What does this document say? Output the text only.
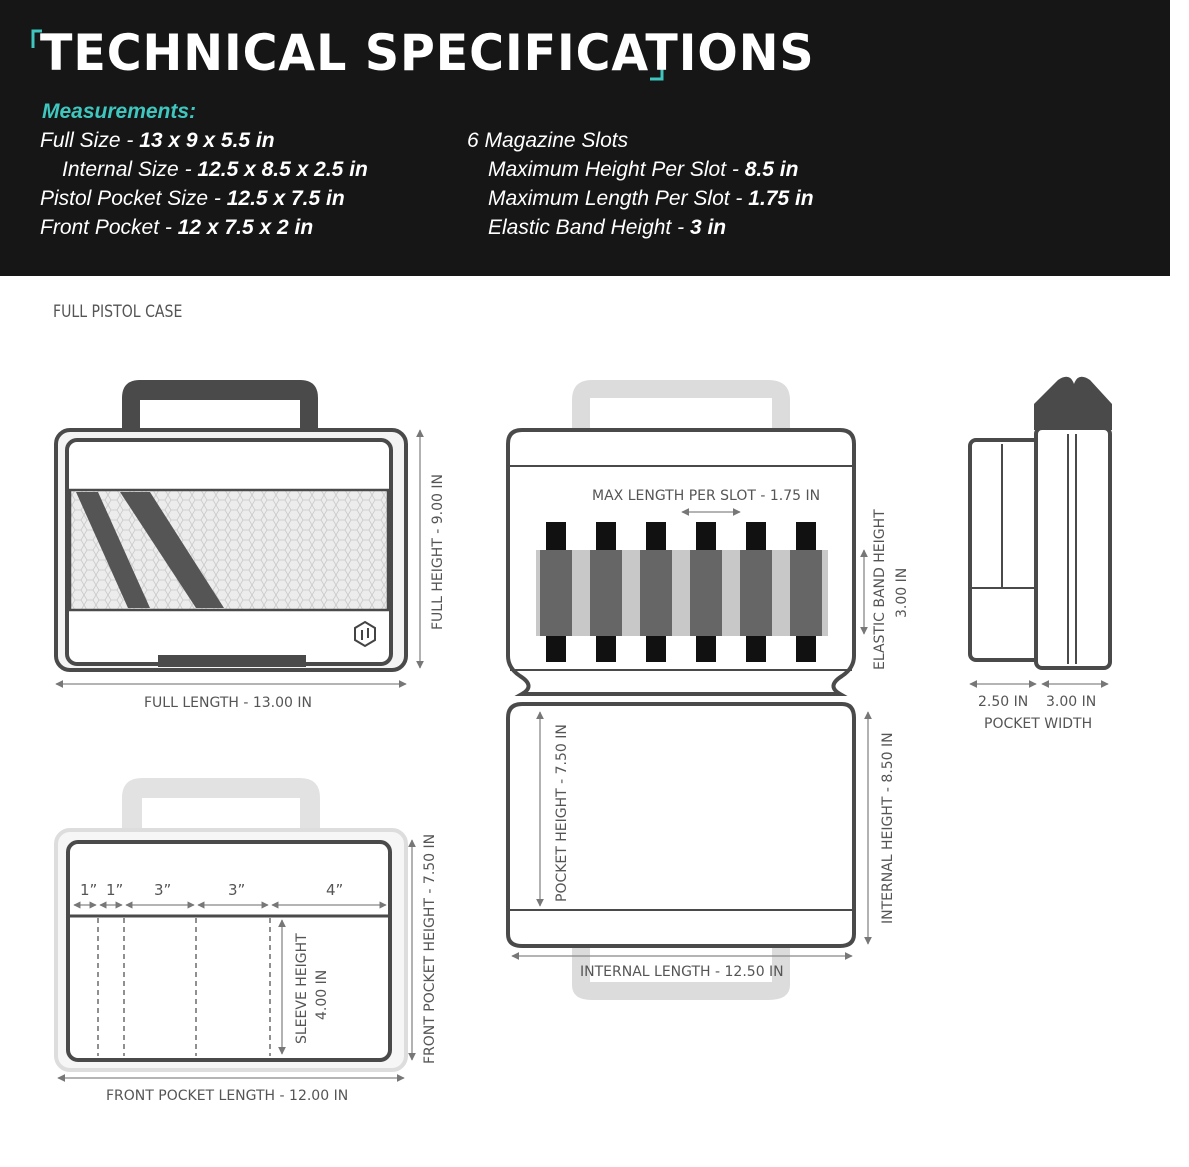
TECHNICAL SPECIFICATIONS
Measurements:
Full Size - 13 x 9 x 5.5 in
Internal Size - 12.5 x 8.5 x 2.5 in
Pistol Pocket Size - 12.5 x 7.5 in
Front Pocket - 12 x 7.5 x 2 in
6 Magazine Slots
Maximum Height Per Slot - 8.5 in
Maximum Length Per Slot - 1.75 in
Elastic Band Height - 3 in
FULL PISTOL CASE
FULL HEIGHT - 9.00 IN
FULL LENGTH - 13.00 IN
MAX LENGTH PER SLOT - 1.75 IN
ELASTIC BAND HEIGHT 3.00 IN
POCKET HEIGHT - 7.50 IN	INTERNAL HEIGHT - 8.50 IN
INTERNAL LENGTH - 12.50 IN
2.50 IN 3.00 IN
POCKET WIDTH
1” 1” 3”	3”	4”
SLEEVE HEIGHT 4.00 IN	FRONT POCKET HEIGHT - 7.50 IN
FRONT POCKET LENGTH - 12.00 IN
